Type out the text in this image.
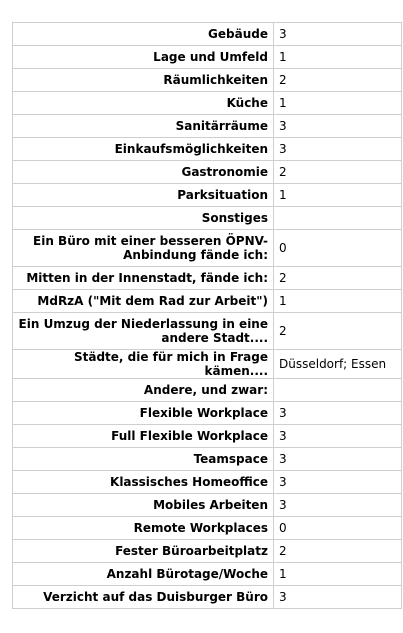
Gebäude	3
Lage und Umfeld	1
Räumlichkeiten	2
Küche	1
Sanitärräume	3
Einkaufsmöglichkeiten	3
Gastronomie	2
Parksituation	1
Sonstiges	
Ein Büro mit einer besseren ÖPNV-Anbindung fände ich:	0
Mitten in der Innenstadt, fände ich:	2
MdRzA ("Mit dem Rad zur Arbeit")	1
Ein Umzug der Niederlassung in eine andere Stadt....	2
Städte, die für mich in Frage kämen....	Düsseldorf; Essen
Andere, und zwar:	
Flexible Workplace	3
Full Flexible Workplace	3
Teamspace	3
Klassisches Homeoffice	3
Mobiles Arbeiten	3
Remote Workplaces	0
Fester Büroarbeitplatz	2
Anzahl Bürotage/Woche	1
Verzicht auf das Duisburger Büro	3
